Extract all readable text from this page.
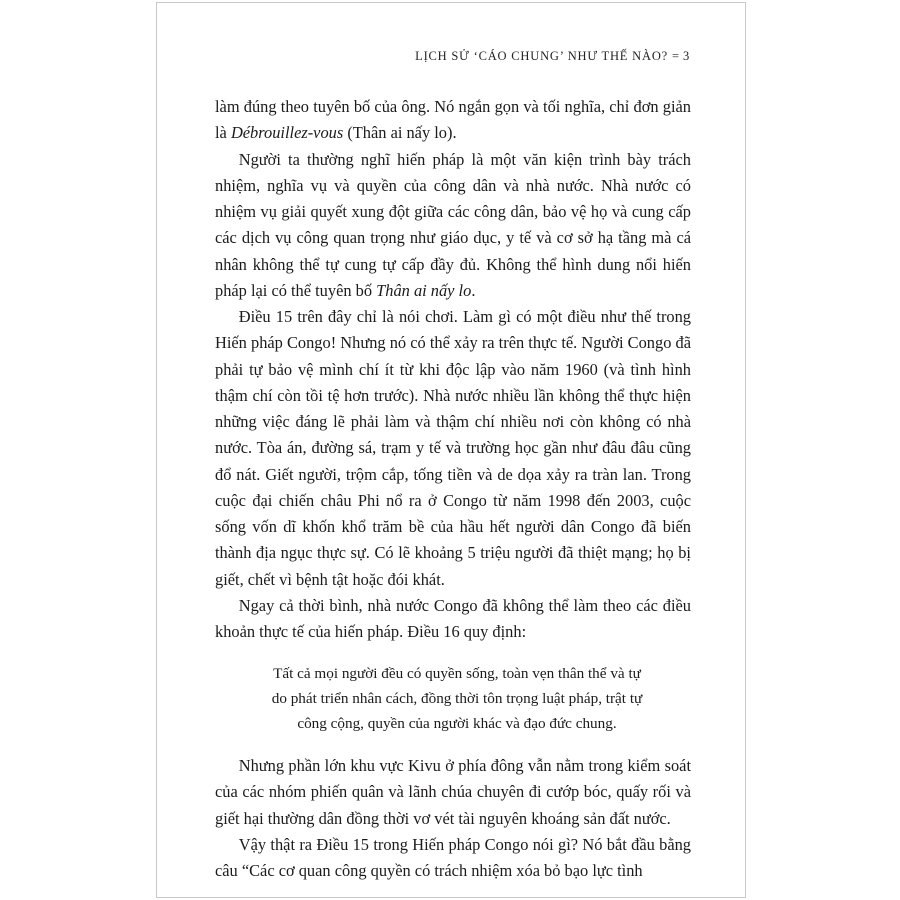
LỊCH SỬ ‘CÁO CHUNG’ NHƯ THẾ NÀO? = 3

làm đúng theo tuyên bố của ông. Nó ngắn gọn và tối nghĩa, chỉ đơn giản là Débrouillez-vous (Thân ai nấy lo).

Người ta thường nghĩ hiến pháp là một văn kiện trình bày trách nhiệm, nghĩa vụ và quyền của công dân và nhà nước. Nhà nước có nhiệm vụ giải quyết xung đột giữa các công dân, bảo vệ họ và cung cấp các dịch vụ công quan trọng như giáo dục, y tế và cơ sở hạ tầng mà cá nhân không thể tự cung tự cấp đầy đủ. Không thể hình dung nổi hiến pháp lại có thể tuyên bố Thân ai nấy lo.

Điều 15 trên đây chỉ là nói chơi. Làm gì có một điều như thế trong Hiến pháp Congo! Nhưng nó có thể xảy ra trên thực tế. Người Congo đã phải tự bảo vệ mình chí ít từ khi độc lập vào năm 1960 (và tình hình thậm chí còn tồi tệ hơn trước). Nhà nước nhiều lần không thể thực hiện những việc đáng lẽ phải làm và thậm chí nhiều nơi còn không có nhà nước. Tòa án, đường sá, trạm y tế và trường học gần như đâu đâu cũng đổ nát. Giết người, trộm cắp, tống tiền và de dọa xảy ra tràn lan. Trong cuộc đại chiến châu Phi nổ ra ở Congo từ năm 1998 đến 2003, cuộc sống vốn dĩ khốn khổ trăm bề của hầu hết người dân Congo đã biến thành địa ngục thực sự. Có lẽ khoảng 5 triệu người đã thiệt mạng; họ bị giết, chết vì bệnh tật hoặc đói khát.

Ngay cả thời bình, nhà nước Congo đã không thể làm theo các điều khoản thực tế của hiến pháp. Điều 16 quy định:

Tất cả mọi người đều có quyền sống, toàn vẹn thân thể và tự

do phát triển nhân cách, đồng thời tôn trọng luật pháp, trật tự

công cộng, quyền của người khác và đạo đức chung.

Nhưng phần lớn khu vực Kivu ở phía đông vẫn nằm trong kiểm soát của các nhóm phiến quân và lãnh chúa chuyên đi cướp bóc, quấy rối và giết hại thường dân đồng thời vơ vét tài nguyên khoáng sản đất nước.

Vậy thật ra Điều 15 trong Hiến pháp Congo nói gì? Nó bắt đầu bằng câu “Các cơ quan công quyền có trách nhiệm xóa bỏ bạo lực tình
